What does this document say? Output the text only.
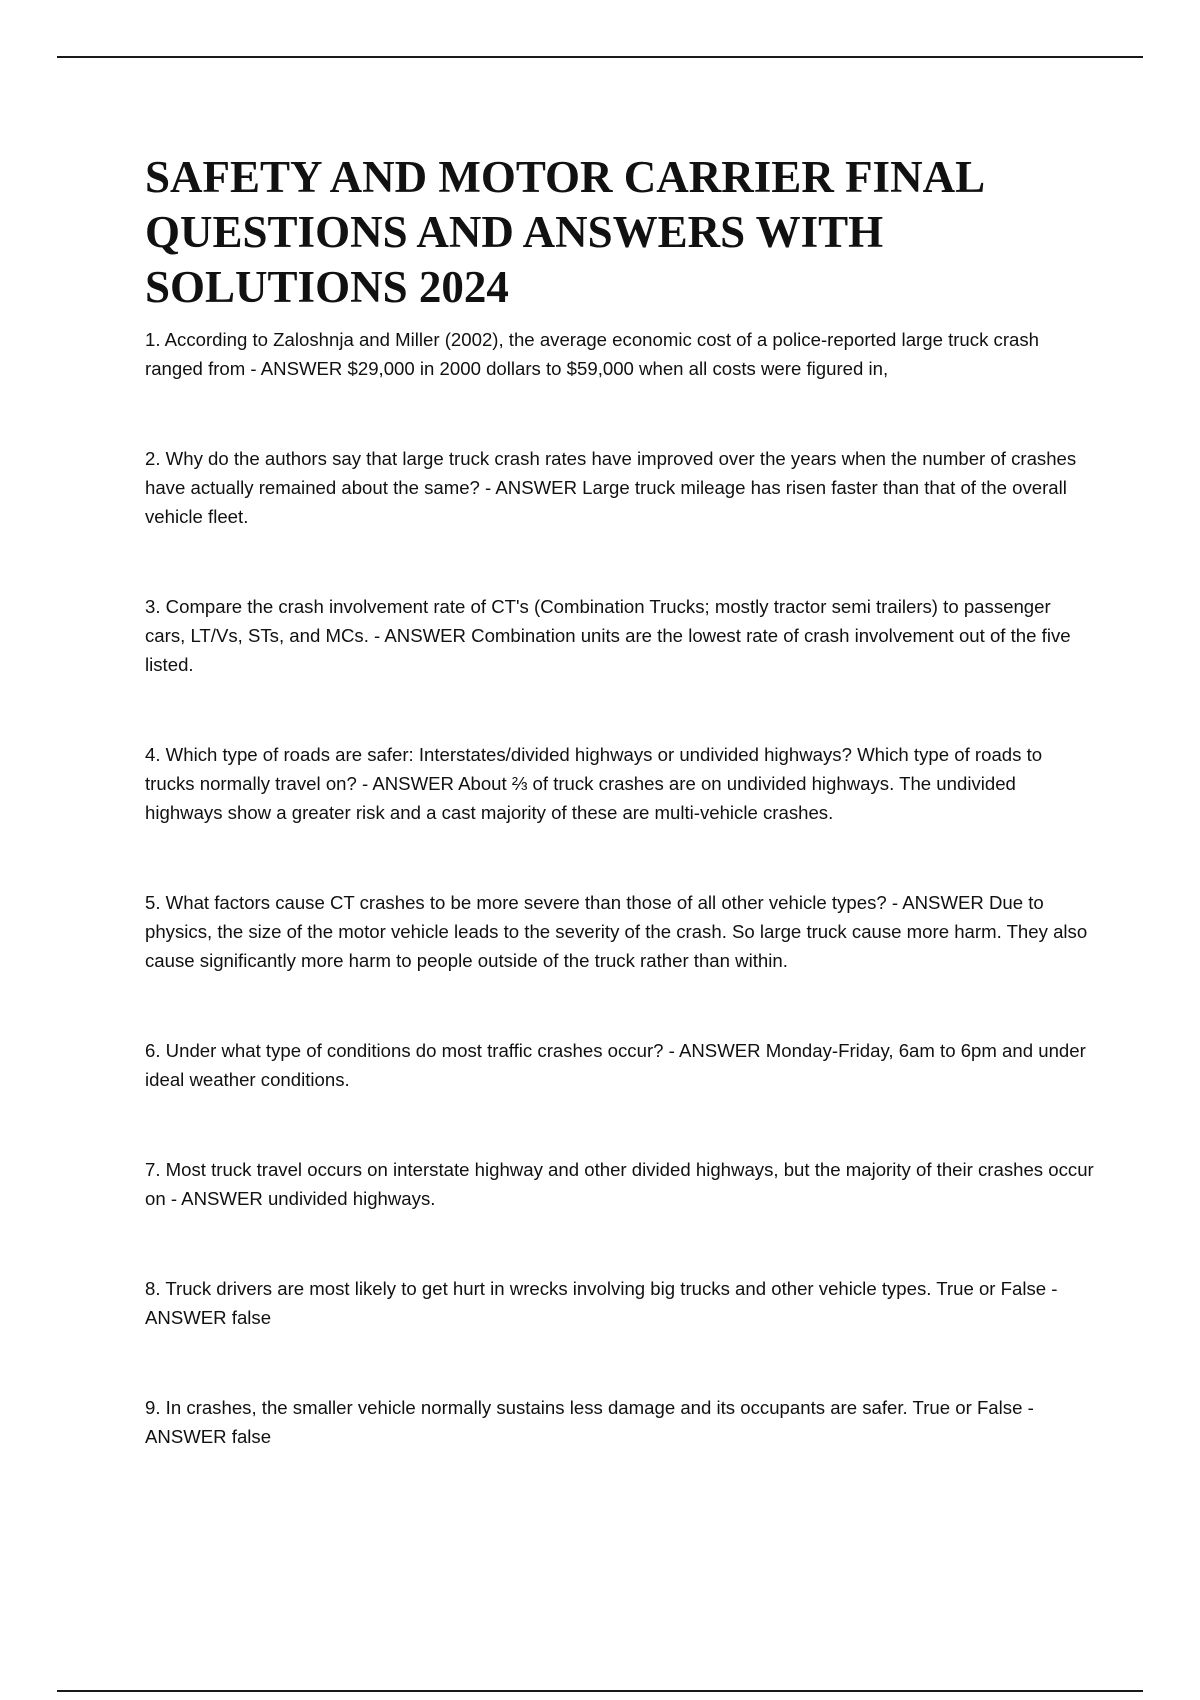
SAFETY AND MOTOR CARRIER FINAL QUESTIONS AND ANSWERS WITH SOLUTIONS 2024

1. According to Zaloshnja and Miller (2002), the average economic cost of a police-reported large truck crash ranged from - ANSWER $29,000 in 2000 dollars to $59,000 when all costs were figured in,

2. Why do the authors say that large truck crash rates have improved over the years when the number of crashes have actually remained about the same? - ANSWER Large truck mileage has risen faster than that of the overall vehicle fleet.

3. Compare the crash involvement rate of CT's (Combination Trucks; mostly tractor semi trailers) to passenger cars, LT/Vs, STs, and MCs. - ANSWER Combination units are the lowest rate of crash involvement out of the five listed.

4. Which type of roads are safer: Interstates/divided highways or undivided highways? Which type of roads to trucks normally travel on? - ANSWER About ⅔ of truck crashes are on undivided highways. The undivided highways show a greater risk and a cast majority of these are multi-vehicle crashes.

5. What factors cause CT crashes to be more severe than those of all other vehicle types? - ANSWER Due to physics, the size of the motor vehicle leads to the severity of the crash. So large truck cause more harm. They also cause significantly more harm to people outside of the truck rather than within.

6. Under what type of conditions do most traffic crashes occur? - ANSWER Monday-Friday, 6am to 6pm and under ideal weather conditions.

7. Most truck travel occurs on interstate highway and other divided highways, but the majority of their crashes occur on - ANSWER undivided highways.

8. Truck drivers are most likely to get hurt in wrecks involving big trucks and other vehicle types. True or False - ANSWER false

9. In crashes, the smaller vehicle normally sustains less damage and its occupants are safer. True or False - ANSWER false
